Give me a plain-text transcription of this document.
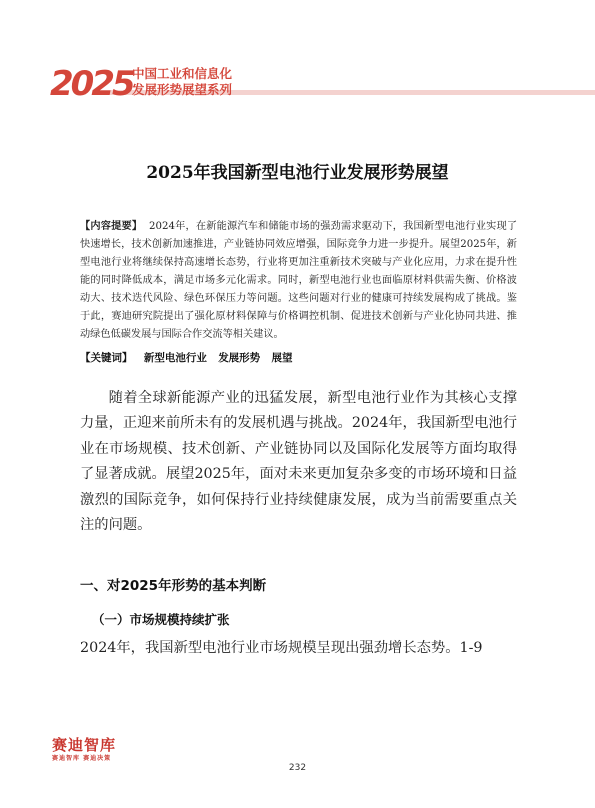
2025 中国工业和信息化
发展形势展望系列
2025年我国新型电池行业发展形势展望
【内容提要】 2024年，在新能源汽车和储能市场的强劲需求驱动下，我国新型电池行业实现了快速增长，技术创新加速推进，产业链协同效应增强，国际竞争力进一步提升。展望2025年，新型电池行业将继续保持高速增长态势，行业将更加注重新技术突破与产业化应用，力求在提升性能的同时降低成本，满足市场多元化需求。同时，新型电池行业也面临原材料供需失衡、价格波动大、技术迭代风险、绿色环保压力等问题。这些问题对行业的健康可持续发展构成了挑战。鉴于此，赛迪研究院提出了强化原材料保障与价格调控机制、促进技术创新与产业化协同共进、推动绿色低碳发展与国际合作交流等相关建议。
【关键词】 新型电池行业 发展形势 展望
随着全球新能源产业的迅猛发展，新型电池行业作为其核心支撑力量，正迎来前所未有的发展机遇与挑战。2024年，我国新型电池行业在市场规模、技术创新、产业链协同以及国际化发展等方面均取得了显著成就。展望2025年，面对未来更加复杂多变的市场环境和日益激烈的国际竞争，如何保持行业持续健康发展，成为当前需要重点关注的问题。
一、对2025年形势的基本判断
（一）市场规模持续扩张
2024年，我国新型电池行业市场规模呈现出强劲增长态势。1-9
赛迪智库
赛迪智库 赛迪决策
232
